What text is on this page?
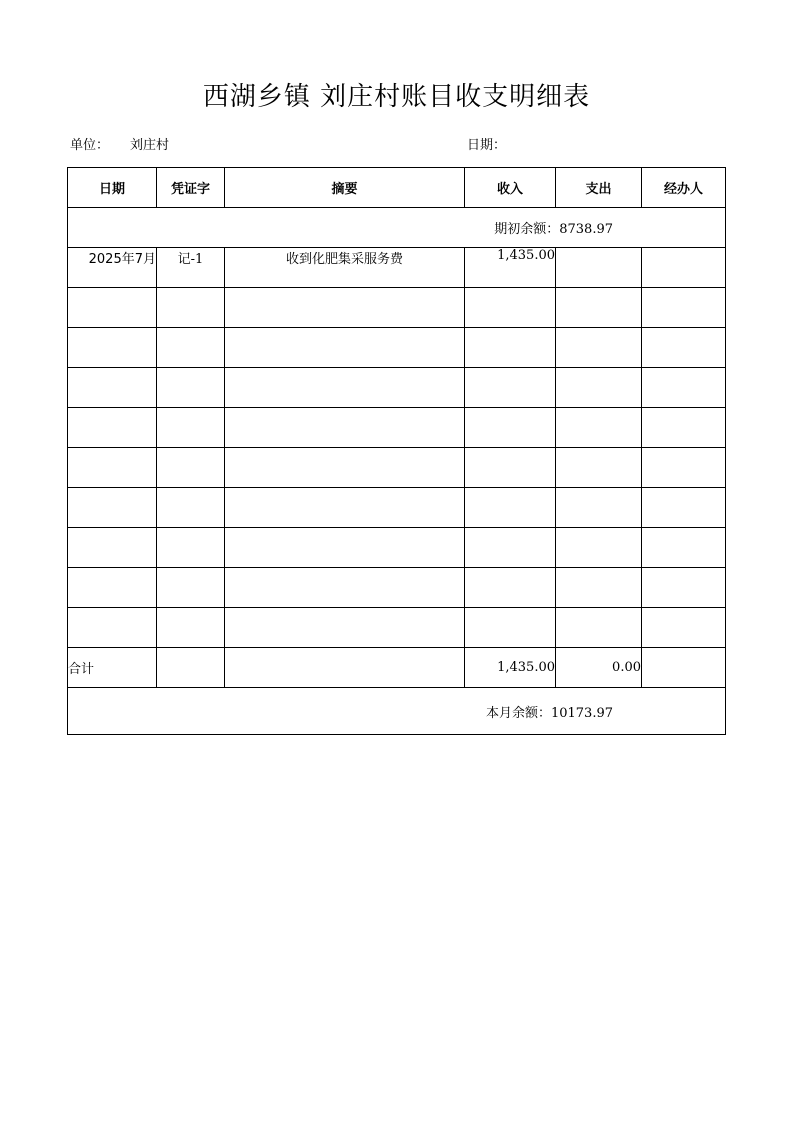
西湖乡镇 刘庄村账目收支明细表
单位： 刘庄村	日期：
日期	凭证字	摘要	收入	支出	经办人
期初余额：8738.97					
2025年7月	记-1	收到化肥集采服务费	1,435.00		

合计			1,435.00	0.00	
本月余额：10173.97					
